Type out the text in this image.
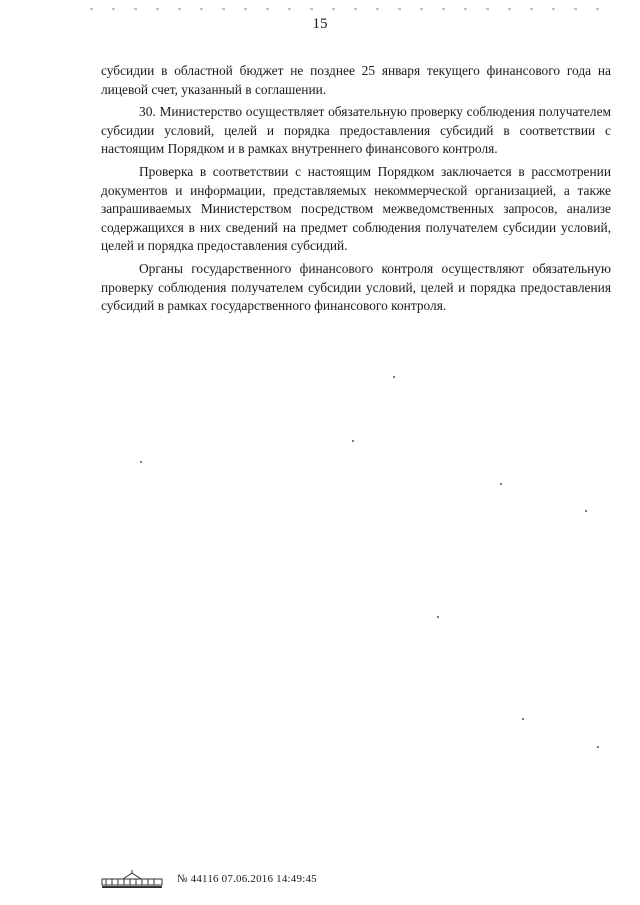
15

субсидии в областной бюджет не позднее 25 января текущего финансового года на лицевой счет, указанный в соглашении.

30. Министерство осуществляет обязательную проверку соблюдения получателем субсидии условий, целей и порядка предоставления субсидий в соответствии с настоящим Порядком и в рамках внутреннего финансового контроля.

Проверка в соответствии с настоящим Порядком заключается в рассмотрении документов и информации, представляемых некоммерческой организацией, а также запрашиваемых Министерством посредством межведомственных запросов, анализе содержащихся в них сведений на предмет соблюдения получателем субсидии условий, целей и порядка предоставления субсидий.

Органы государственного финансового контроля осуществляют обязательную проверку соблюдения получателем субсидии условий, целей и порядка предоставления субсидий в рамках государственного финансового контроля.

№ 44116 07.06.2016 14:49:45
